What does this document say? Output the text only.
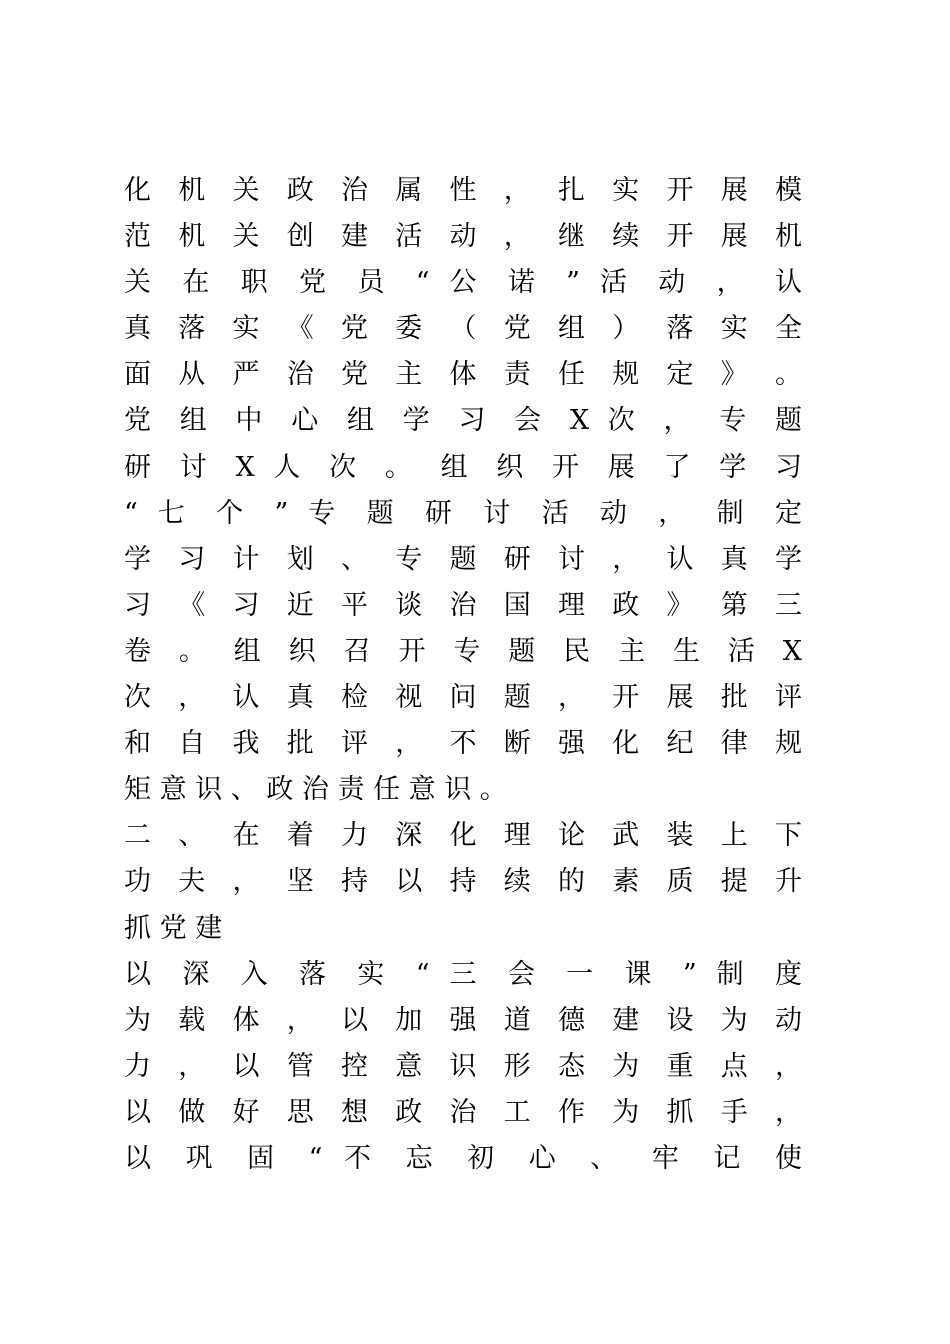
化 机 关 政 治 属 性 ， 扎 实 开 展 模
范 机 关 创 建 活 动 ， 继 续 开 展 机
关 在 职 党 员 “ 公 诺 ” 活 动 ， 认
真 落 实 《 党 委 （ 党 组 ） 落 实 全
面 从 严 治 党 主 体 责 任 规 定 》 。
党 组 中 心 组 学 习 会 X 次 ， 专 题
研 讨 X 人 次 。 组 织 开 展 了 学 习
“ 七 个 ” 专 题 研 讨 活 动 ， 制 定
学 习 计 划 、 专 题 研 讨 ， 认 真 学
习 《 习 近 平 谈 治 国 理 政 》 第 三
卷 。 组 织 召 开 专 题 民 主 生 活 X
次 ， 认 真 检 视 问 题 ， 开 展 批 评
和 自 我 批 评 ， 不 断 强 化 纪 律 规
矩 意 识 、 政 治 责 任 意 识 。
二 、 在 着 力 深 化 理 论 武 装 上 下
功 夫 ， 坚 持 以 持 续 的 素 质 提 升
抓 党 建
以 深 入 落 实 “ 三 会 一 课 ” 制 度
为 载 体 ， 以 加 强 道 德 建 设 为 动
力 ， 以 管 控 意 识 形 态 为 重 点 ，
以 做 好 思 想 政 治 工 作 为 抓 手 ，
以 巩 固 “ 不 忘 初 心 、 牢 记 使
